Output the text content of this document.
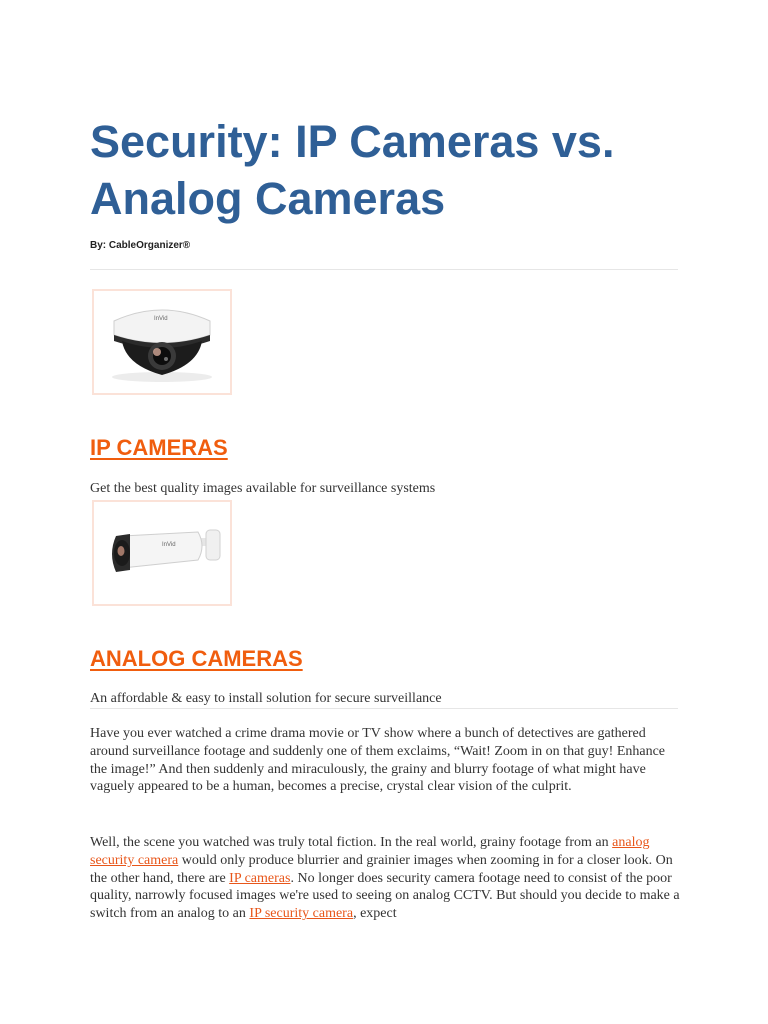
Security: IP Cameras vs. Analog Cameras
By: CableOrganizer®
InVid
IP CAMERAS
Get the best quality images available for surveillance systems
InVid
ANALOG CAMERAS
An affordable & easy to install solution for secure surveillance

Have you ever watched a crime drama movie or TV show where a bunch of detectives are gathered around surveillance footage and suddenly one of them exclaims, “Wait! Zoom in on that guy! Enhance the image!” And then suddenly and miraculously, the grainy and blurry footage of what might have vaguely appeared to be a human, becomes a precise, crystal clear vision of the culprit.

Well, the scene you watched was truly total fiction. In the real world, grainy footage from an analog security camera would only produce blurrier and grainier images when zooming in for a closer look. On the other hand, there are IP cameras. No longer does security camera footage need to consist of the poor quality, narrowly focused images we're used to seeing on analog CCTV. But should you decide to make a switch from an analog to an IP security camera, expect
